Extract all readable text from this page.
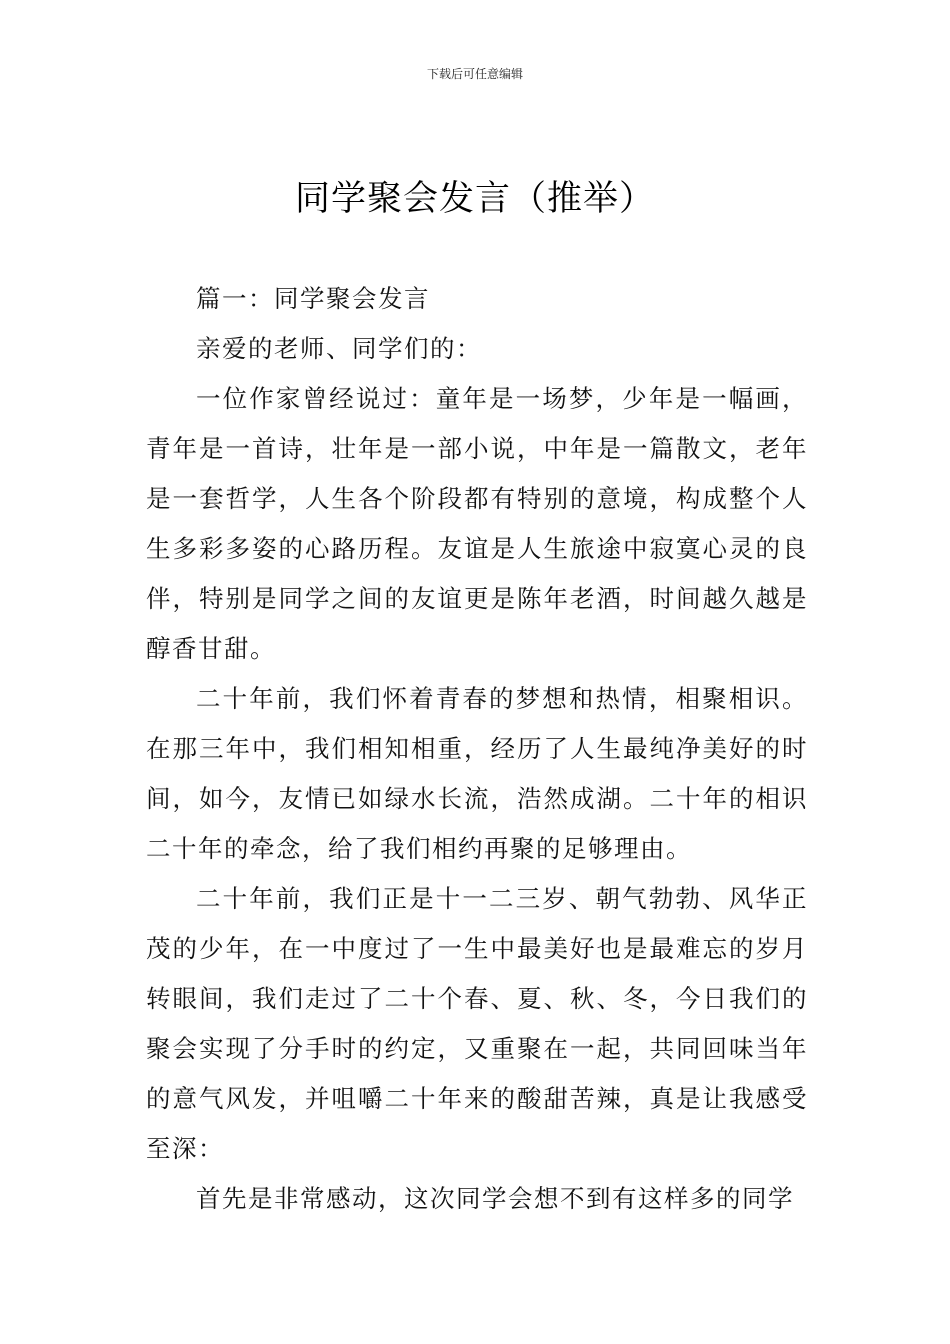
下载后可任意编辑
同学聚会发言（推举）

篇一：同学聚会发言

亲爱的老师、同学们的：

一位作家曾经说过：童年是一场梦，少年是一幅画，青年是一首诗，壮年是一部小说，中年是一篇散文，老年是一套哲学，人生各个阶段都有特别的意境，构成整个人生多彩多姿的心路历程。友谊是人生旅途中寂寞心灵的良伴，特别是同学之间的友谊更是陈年老酒，时间越久越是醇香甘甜。

二十年前，我们怀着青春的梦想和热情，相聚相识。在那三年中，我们相知相重，经历了人生最纯净美好的时间，如今，友情已如绿水长流，浩然成湖。二十年的相识二十年的牵念，给了我们相约再聚的足够理由。

二十年前，我们正是十一二三岁、朝气勃勃、风华正茂的少年，在一中度过了一生中最美好也是最难忘的岁月转眼间，我们走过了二十个春、夏、秋、冬，今日我们的聚会实现了分手时的约定，又重聚在一起，共同回味当年的意气风发，并咀嚼二十年来的酸甜苦辣，真是让我感受至深：

首先是非常感动，这次同学会想不到有这样多的同学
